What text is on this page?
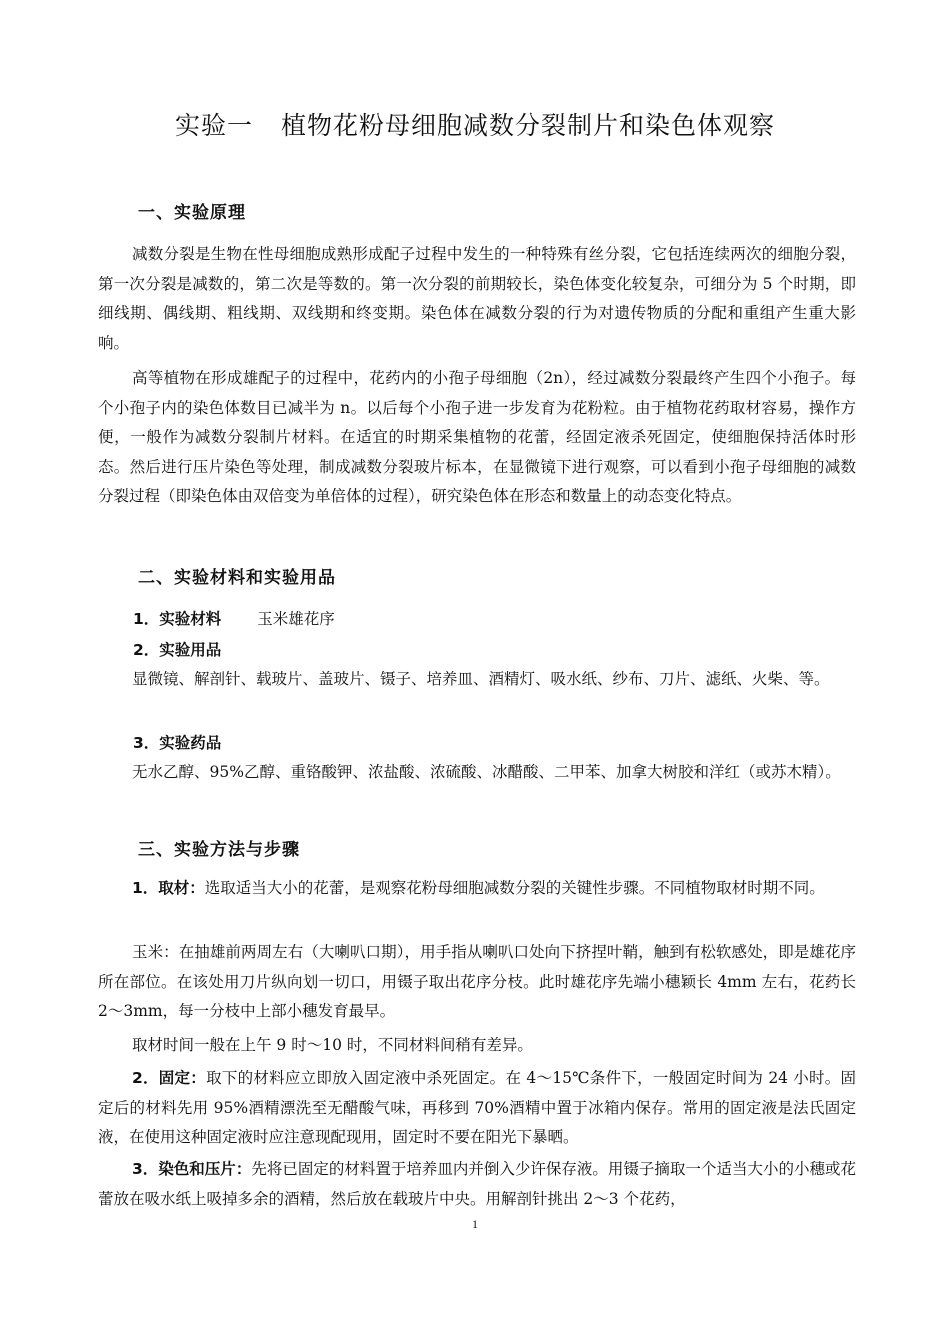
实验一 植物花粉母细胞减数分裂制片和染色体观察
一、实验原理

减数分裂是生物在性母细胞成熟形成配子过程中发生的一种特殊有丝分裂，它包括连续两次的细胞分裂，第一次分裂是减数的，第二次是等数的。第一次分裂的前期较长，染色体变化较复杂，可细分为 5 个时期，即细线期、偶线期、粗线期、双线期和终变期。染色体在减数分裂的行为对遗传物质的分配和重组产生重大影响。

高等植物在形成雄配子的过程中，花药内的小孢子母细胞（2n），经过减数分裂最终产生四个小孢子。每个小孢子内的染色体数目已减半为 n。以后每个小孢子进一步发育为花粉粒。由于植物花药取材容易，操作方便，一般作为减数分裂制片材料。在适宜的时期采集植物的花蕾，经固定液杀死固定，使细胞保持活体时形态。然后进行压片染色等处理，制成减数分裂玻片标本，在显微镜下进行观察，可以看到小孢子母细胞的减数分裂过程（即染色体由双倍变为单倍体的过程），研究染色体在形态和数量上的动态变化特点。

二、实验材料和实验用品
1．实验材料 玉米雄花序
2．实验用品

显微镜、解剖针、载玻片、盖玻片、镊子、培养皿、酒精灯、吸水纸、纱布、刀片、滤纸、火柴、等。

3．实验药品

无水乙醇、95%乙醇、重铬酸钾、浓盐酸、浓硫酸、冰醋酸、二甲苯、加拿大树胶和洋红（或苏木精）。

三、实验方法与步骤

1．取材：选取适当大小的花蕾，是观察花粉母细胞减数分裂的关键性步骤。不同植物取材时期不同。

玉米：在抽雄前两周左右（大喇叭口期），用手指从喇叭口处向下挤捏叶鞘，触到有松软感处，即是雄花序所在部位。在该处用刀片纵向划一切口，用镊子取出花序分枝。此时雄花序先端小穗颖长 4mm 左右，花药长 2～3mm，每一分枝中上部小穗发育最早。

取材时间一般在上午 9 时～10 时，不同材料间稍有差异。

2．固定：取下的材料应立即放入固定液中杀死固定。在 4～15℃条件下，一般固定时间为 24 小时。固定后的材料先用 95%酒精漂洗至无醋酸气味，再移到 70%酒精中置于冰箱内保存。常用的固定液是法氏固定液，在使用这种固定液时应注意现配现用，固定时不要在阳光下暴晒。

3．染色和压片：先将已固定的材料置于培养皿内并倒入少许保存液。用镊子摘取一个适当大小的小穗或花蕾放在吸水纸上吸掉多余的酒精，然后放在载玻片中央。用解剖针挑出 2～3 个花药，

1
